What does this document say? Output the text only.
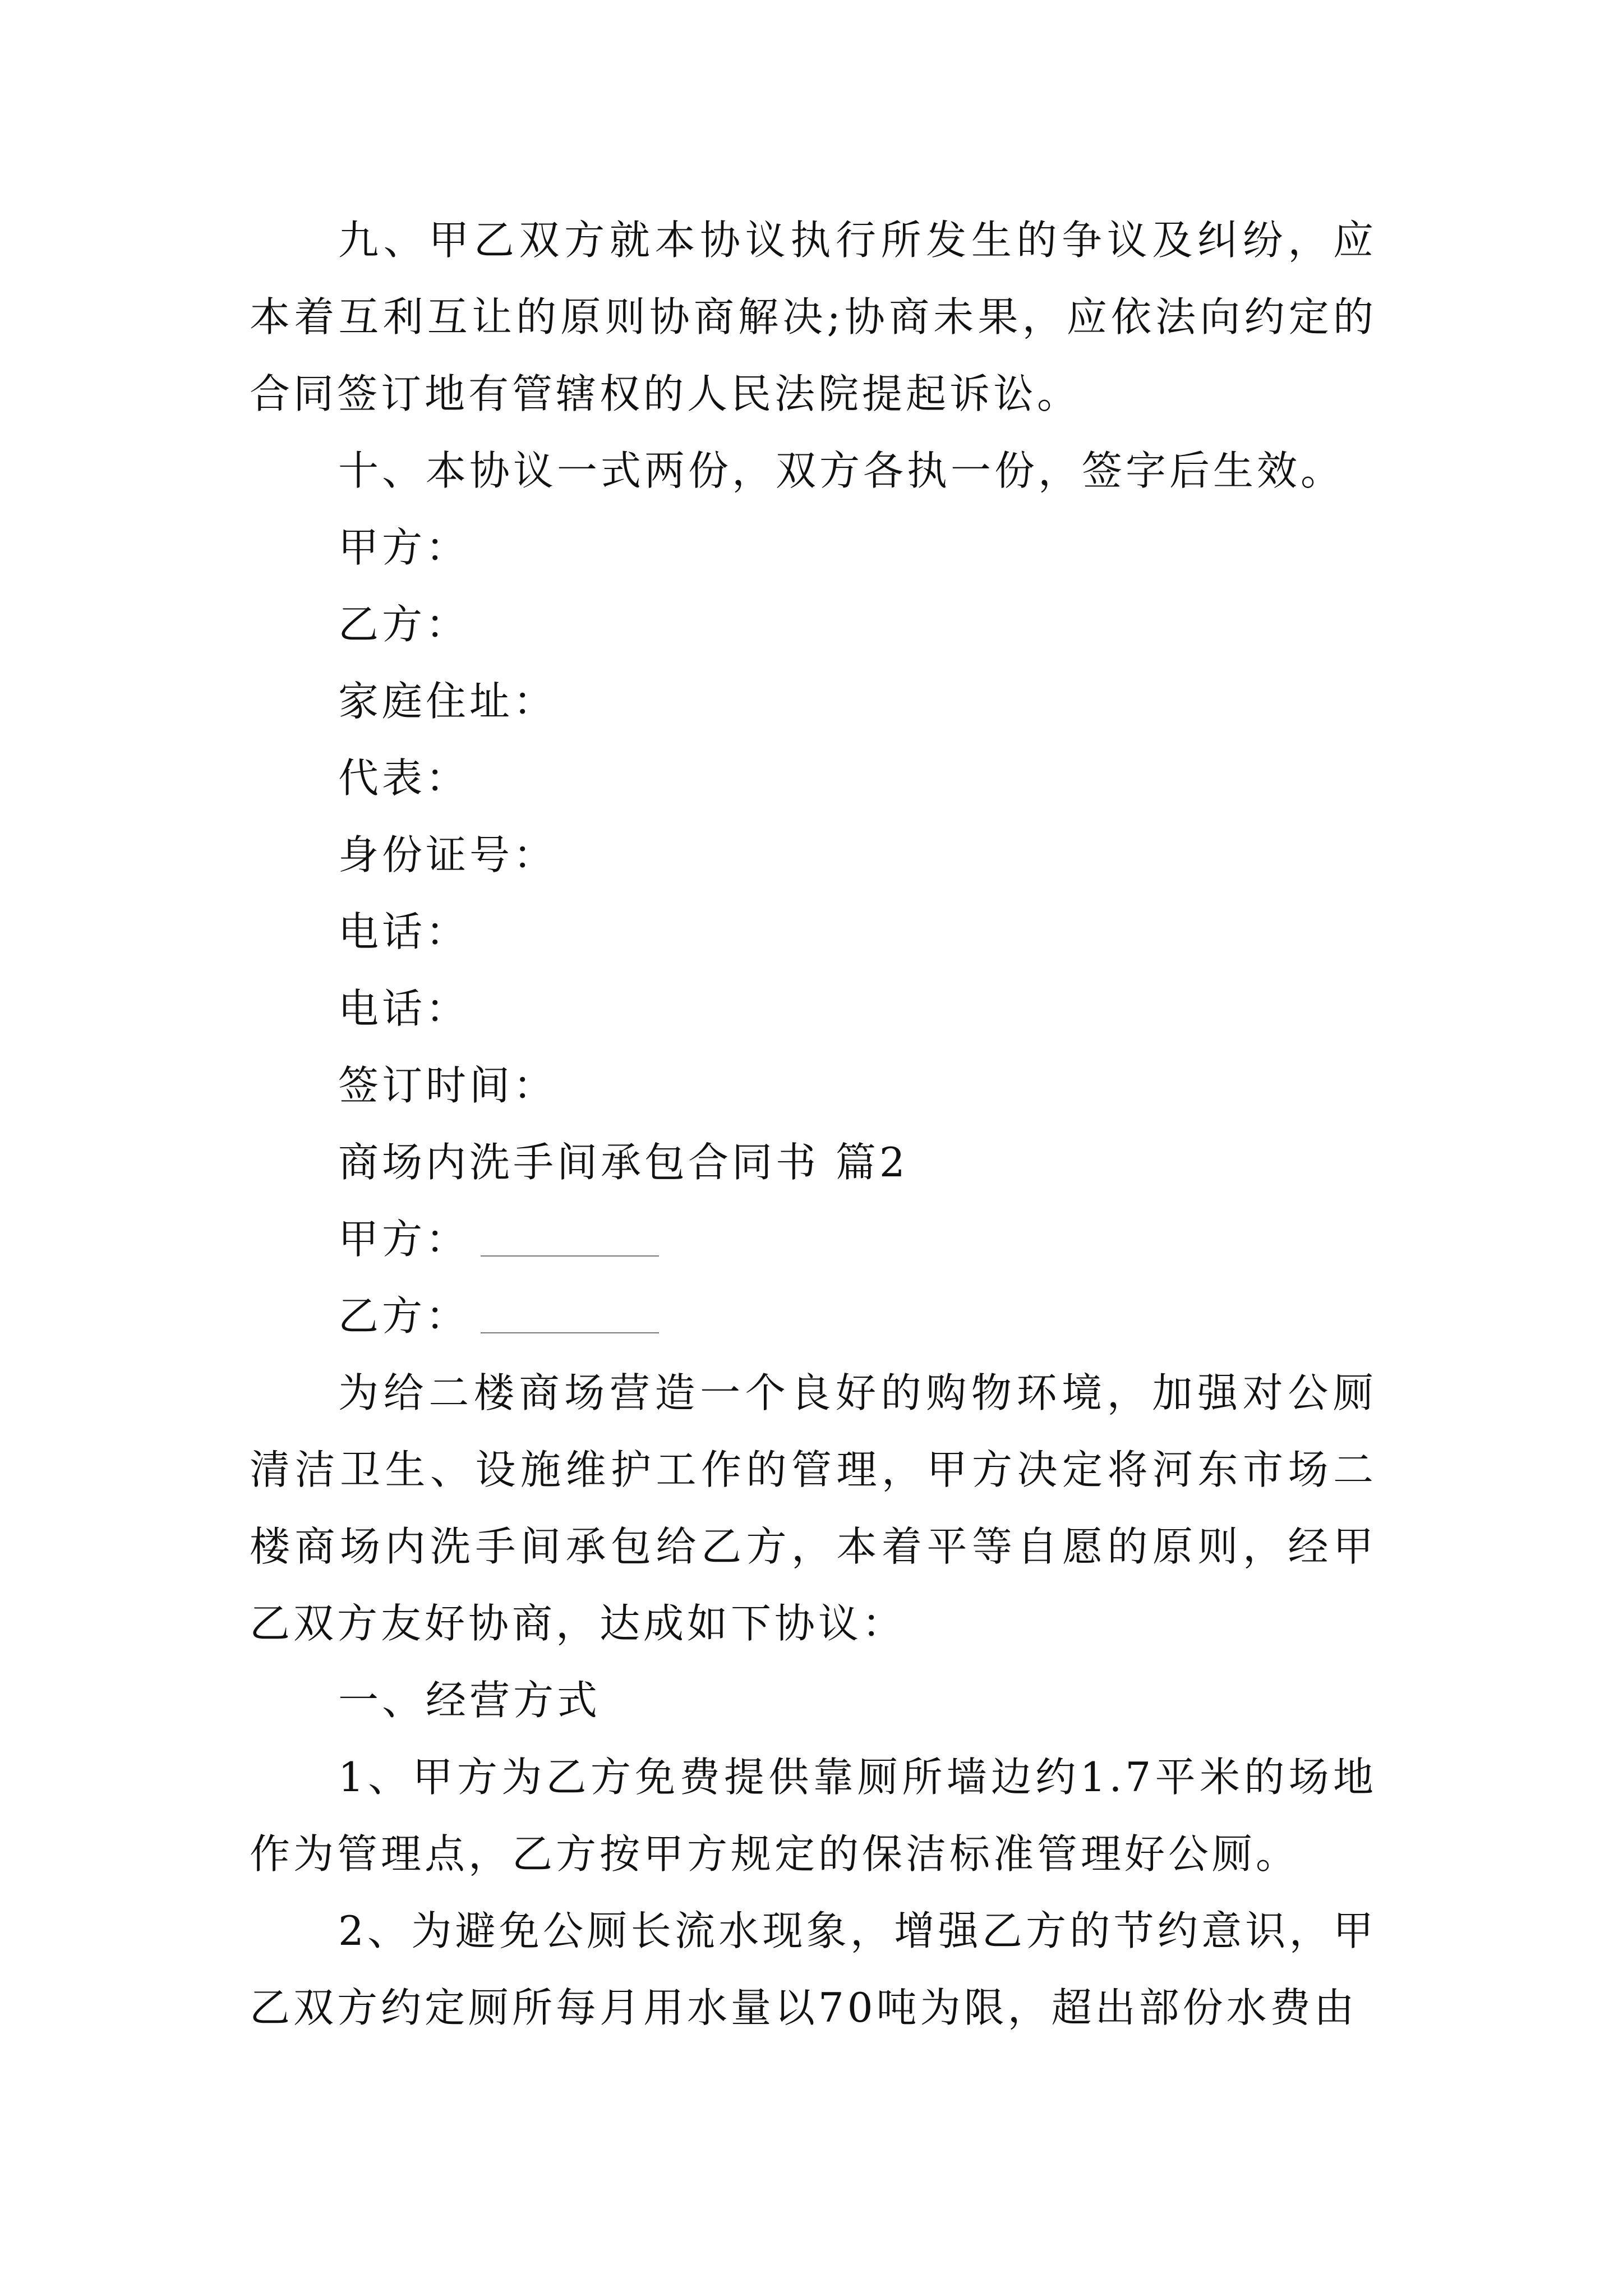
九、甲乙双方就本协议执行所发生的争议及纠纷，应本着互利互让的原则协商解决;协商未果，应依法向约定的合同签订地有管辖权的人民法院提起诉讼。

十、本协议一式两份，双方各执一份，签字后生效。

甲方：

乙方：

家庭住址：

代表：

身份证号：

电话：

电话：

签订时间：

商场内洗手间承包合同书 篇2

甲方：

乙方：

为给二楼商场营造一个良好的购物环境，加强对公厕清洁卫生、设施维护工作的管理，甲方决定将河东市场二楼商场内洗手间承包给乙方，本着平等自愿的原则，经甲乙双方友好协商，达成如下协议：

一、经营方式

1、甲方为乙方免费提供靠厕所墙边约1.7平米的场地作为管理点，乙方按甲方规定的保洁标准管理好公厕。

2、为避免公厕长流水现象，增强乙方的节约意识，甲乙双方约定厕所每月用水量以70吨为限，超出部份水费由
